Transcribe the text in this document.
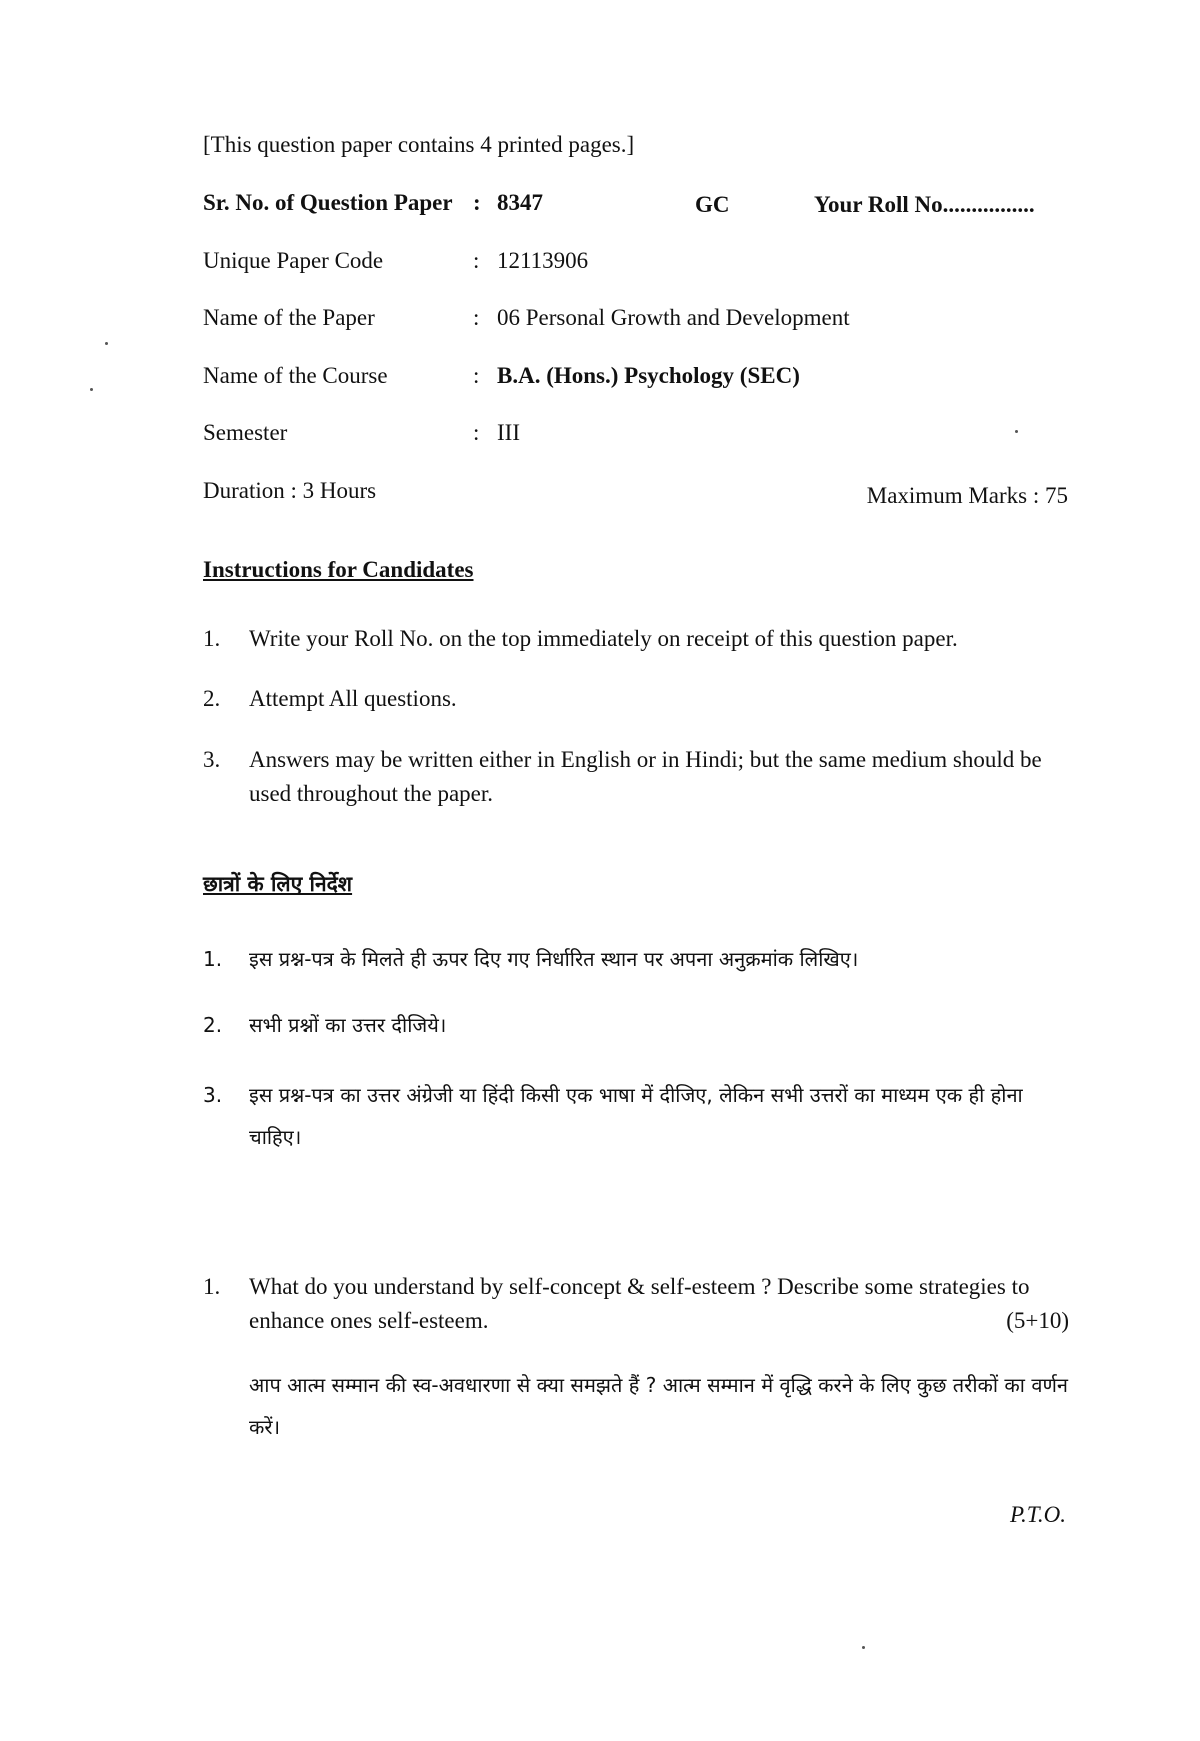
[This question paper contains 4 printed pages.]
Sr. No. of Question Paper : 8347	GC	Your Roll No................
Unique Paper Code	: 12113906
Name of the Paper	: 06 Personal Growth and Development
Name of the Course	: B.A. (Hons.) Psychology (SEC)
Semester	: III
Duration : 3 Hours	Maximum Marks : 75
Instructions for Candidates
1. Write your Roll No. on the top immediately on receipt of this question paper.
2. Attempt All questions.
3. Answers may be written either in English or in Hindi; but the same medium should be used throughout the paper.
छात्रों के लिए निर्देश
1. इस प्रश्न-पत्र के मिलते ही ऊपर दिए गए निर्धारित स्थान पर अपना अनुक्रमांक लिखिए।
2. सभी प्रश्नों का उत्तर दीजिये।
3. इस प्रश्न-पत्र का उत्तर अंग्रेजी या हिंदी किसी एक भाषा में दीजिए, लेकिन सभी उत्तरों का माध्यम एक ही होना चाहिए।
1. What do you understand by self-concept & self-esteem ? Describe some strategies to enhance ones self-esteem.	(5+10)
आप आत्म सम्मान की स्व-अवधारणा से क्या समझते हैं ? आत्म सम्मान में वृद्धि करने के लिए कुछ तरीकों का वर्णन करें।
P.T.O.
